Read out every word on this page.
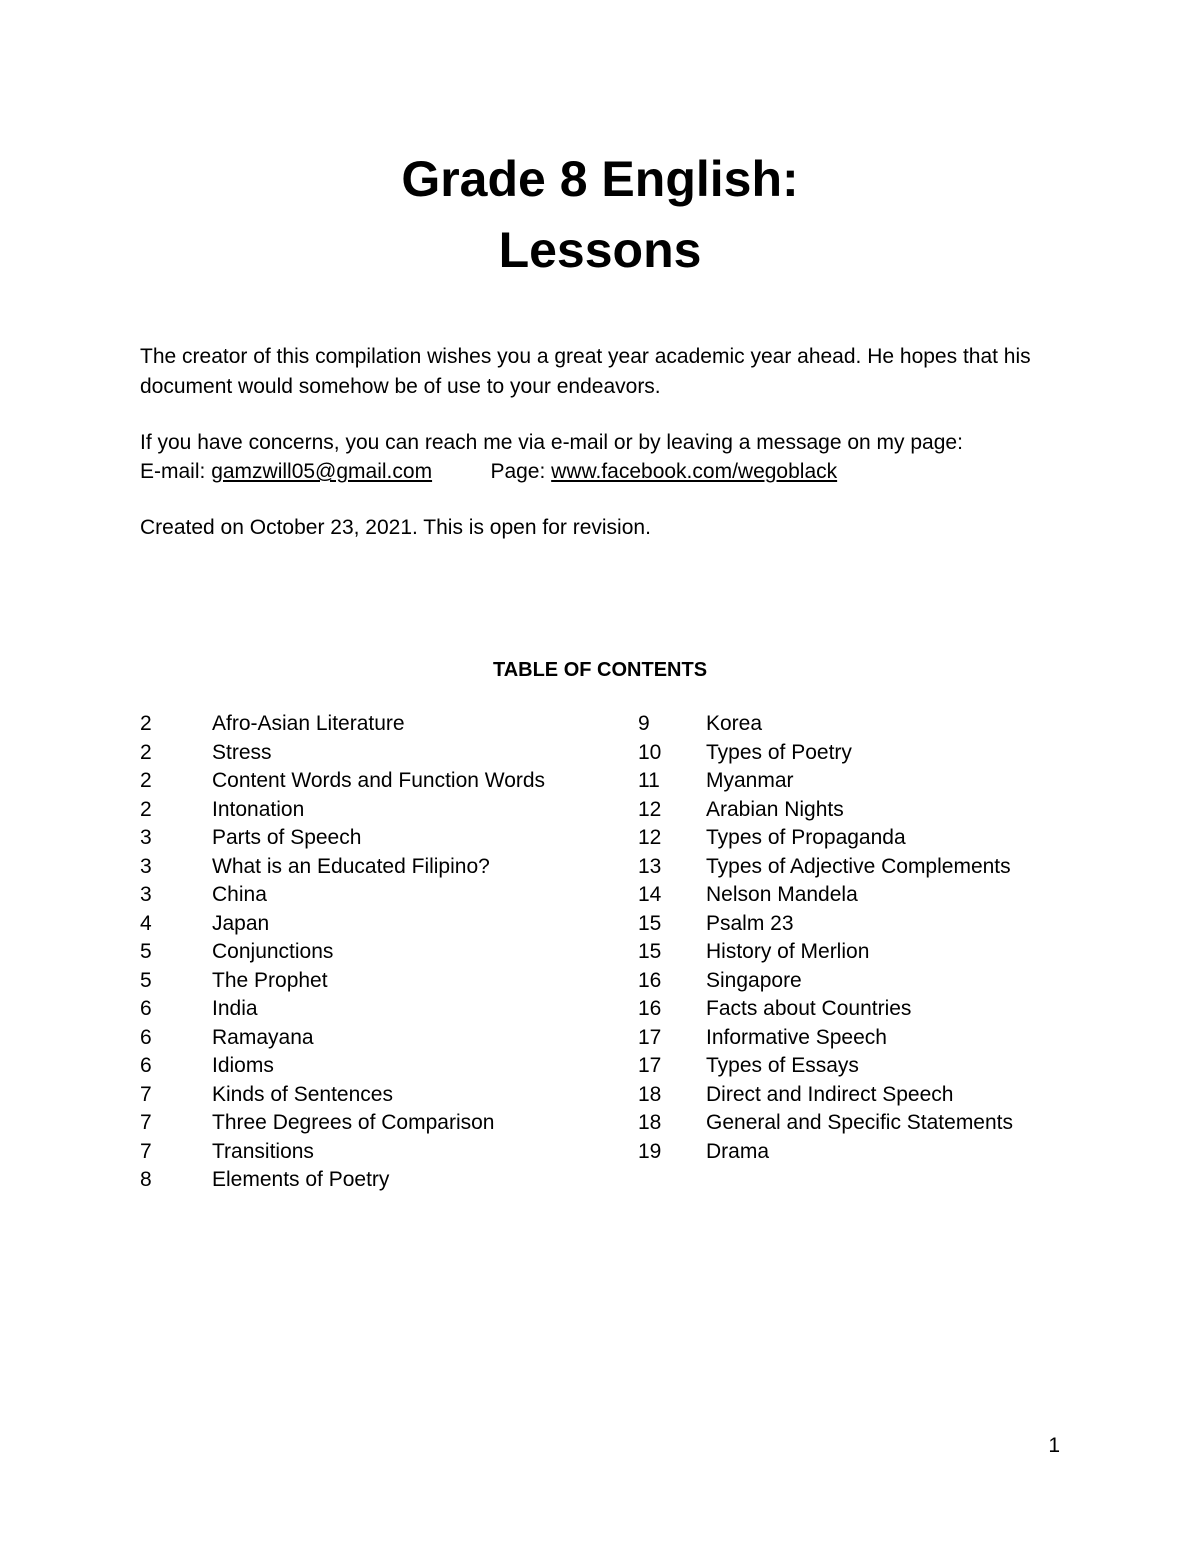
Grade 8 English:
Lessons

The creator of this compilation wishes you a great year academic year ahead. He hopes that his document would somehow be of use to your endeavors.

If you have concerns, you can reach me via e-mail or by leaving a message on my page:

E-mail: gamzwill05@gmail.com	Page: www.facebook.com/wegoblack

Created on October 23, 2021. This is open for revision.

TABLE OF CONTENTS
2	Afro-Asian Literature
2	Stress
2	Content Words and Function Words
2	Intonation
3	Parts of Speech
3	What is an Educated Filipino?
3	China
4	Japan
5	Conjunctions
5	The Prophet
6	India
6	Ramayana
6	Idioms
7	Kinds of Sentences
7	Three Degrees of Comparison
7	Transitions
8	Elements of Poetry
9	Korea
10	Types of Poetry
11	Myanmar
12	Arabian Nights
12	Types of Propaganda
13	Types of Adjective Complements
14	Nelson Mandela
15	Psalm 23
15	History of Merlion
16	Singapore
16	Facts about Countries
17	Informative Speech
17	Types of Essays
18	Direct and Indirect Speech
18	General and Specific Statements
19	Drama
1
